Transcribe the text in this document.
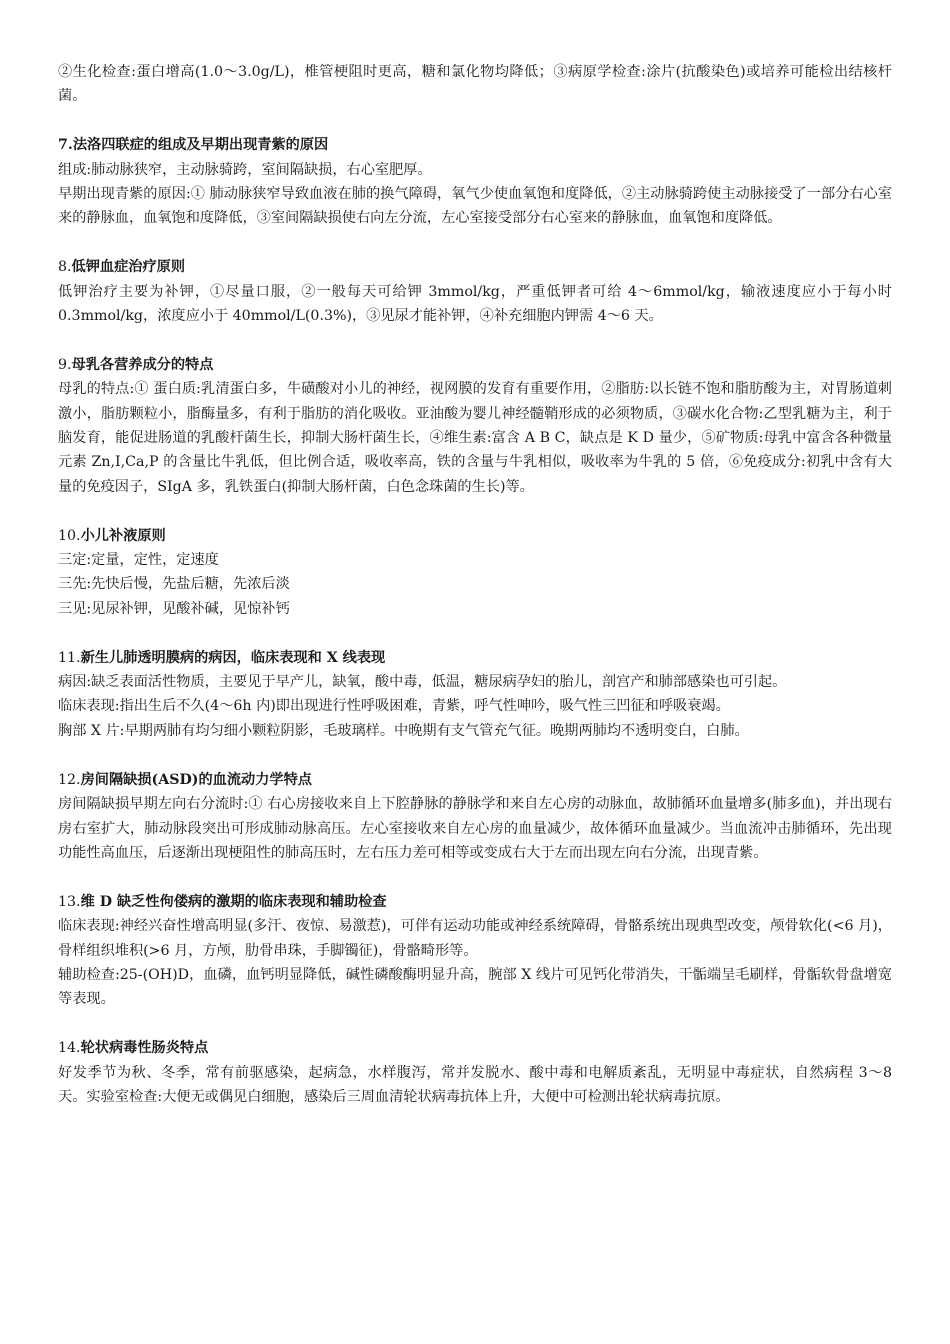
②生化检查:蛋白增高(1.0～3.0g/L)，椎管梗阻时更高，糖和氯化物均降低；③病原学检查:涂片(抗酸染色)或培养可能检出结核杆菌。

7.法洛四联症的组成及早期出现青紫的原因

组成:肺动脉狭窄，主动脉骑跨，室间隔缺损，右心室肥厚。

早期出现青紫的原因:① 肺动脉狭窄导致血液在肺的换气障碍，氧气少使血氧饱和度降低，②主动脉骑跨使主动脉接受了一部分右心室来的静脉血，血氧饱和度降低，③室间隔缺损使右向左分流，左心室接受部分右心室来的静脉血，血氧饱和度降低。

8.低钾血症治疗原则

低钾治疗主要为补钾，①尽量口服，②一般每天可给钾 3mmol/kg，严重低钾者可给 4～6mmol/kg，输液速度应小于每小时 0.3mmol/kg，浓度应小于 40mmol/L(0.3%)，③见尿才能补钾，④补充细胞内钾需 4～6 天。

9.母乳各营养成分的特点

母乳的特点:① 蛋白质:乳清蛋白多，牛磺酸对小儿的神经，视网膜的发育有重要作用，②脂肪:以长链不饱和脂肪酸为主，对胃肠道刺激小，脂肪颗粒小，脂酶量多，有利于脂肪的消化吸收。亚油酸为婴儿神经髓鞘形成的必须物质，③碳水化合物:乙型乳糖为主，利于脑发育，能促进肠道的乳酸杆菌生长，抑制大肠杆菌生长，④维生素:富含 A B C，缺点是 K D 量少，⑤矿物质:母乳中富含各种微量元素 Zn,I,Ca,P 的含量比牛乳低，但比例合适，吸收率高，铁的含量与牛乳相似，吸收率为牛乳的 5 倍，⑥免疫成分:初乳中含有大量的免疫因子，SIgA 多，乳铁蛋白(抑制大肠杆菌，白色念珠菌的生长)等。

10.小儿补液原则

三定:定量，定性，定速度

三先:先快后慢，先盐后糖，先浓后淡

三见:见尿补钾，见酸补碱，见惊补钙

11.新生儿肺透明膜病的病因，临床表现和 X 线表现

病因:缺乏表面活性物质，主要见于早产儿，缺氧，酸中毒，低温，糖尿病孕妇的胎儿，剖宫产和肺部感染也可引起。

临床表现:指出生后不久(4～6h 内)即出现进行性呼吸困难，青紫，呼气性呻吟，吸气性三凹征和呼吸衰竭。

胸部 X 片:早期两肺有均匀细小颗粒阴影，毛玻璃样。中晚期有支气管充气征。晚期两肺均不透明变白，白肺。

12.房间隔缺损(ASD)的血流动力学特点

房间隔缺损早期左向右分流时:① 右心房接收来自上下腔静脉的静脉学和来自左心房的动脉血，故肺循环血量增多(肺多血)，并出现右房右室扩大，肺动脉段突出可形成肺动脉高压。左心室接收来自左心房的血量减少，故体循环血量减少。当血流冲击肺循环，先出现功能性高血压，后逐渐出现梗阻性的肺高压时，左右压力差可相等或变成右大于左而出现左向右分流，出现青紫。

13.维 D 缺乏性佝偻病的激期的临床表现和辅助检查

临床表现:神经兴奋性增高明显(多汗、夜惊、易激惹)，可伴有运动功能或神经系统障碍，骨骼系统出现典型改变，颅骨软化(<6 月)，骨样组织堆积(>6 月，方颅，肋骨串珠，手脚镯征)，骨骼畸形等。

辅助检查:25-(OH)D，血磷，血钙明显降低，碱性磷酸酶明显升高，腕部 X 线片可见钙化带消失，干骺端呈毛刷样，骨骺软骨盘增宽等表现。

14.轮状病毒性肠炎特点

好发季节为秋、冬季，常有前驱感染，起病急，水样腹泻，常并发脱水、酸中毒和电解质紊乱，无明显中毒症状，自然病程 3～8 天。实验室检查:大便无或偶见白细胞，感染后三周血清轮状病毒抗体上升，大便中可检测出轮状病毒抗原。
